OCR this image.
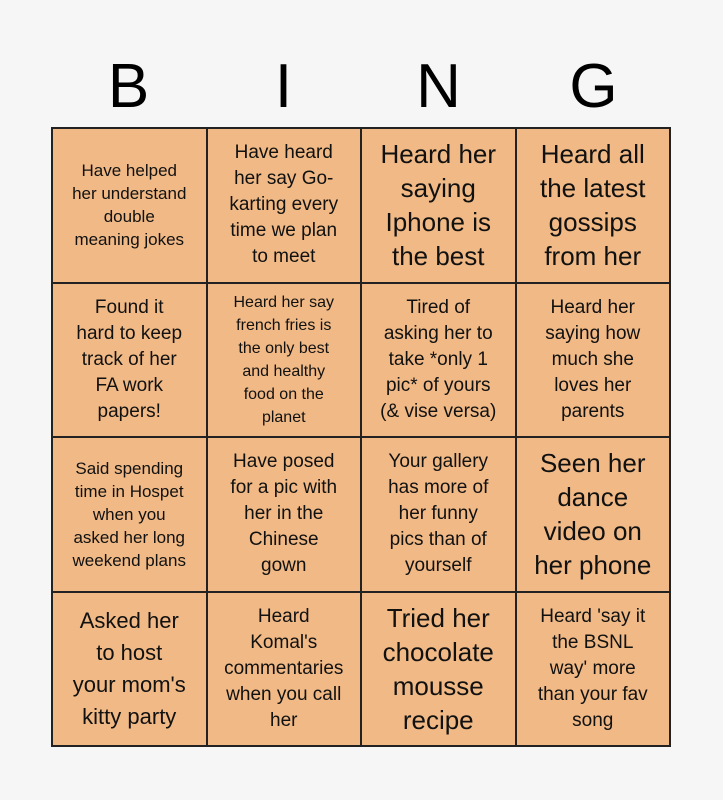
B	I	N	G
Have helped
her understand
double
meaning jokes
Have heard
her say Go-
karting every
time we plan
to meet
Heard her
saying
Iphone is
the best
Heard all
the latest
gossips
from her
Found it
hard to keep
track of her
FA work
papers!
Heard her say
french fries is
the only best
and healthy
food on the
planet
Tired of
asking her to
take *only 1
pic* of yours
(& vise versa)
Heard her
saying how
much she
loves her
parents
Said spending
time in Hospet
when you
asked her long
weekend plans
Have posed
for a pic with
her in the
Chinese
gown
Your gallery
has more of
her funny
pics than of
yourself
Seen her
dance
video on
her phone
Asked her
to host
your mom's
kitty party
Heard
Komal's
commentaries
when you call
her
Tried her
chocolate
mousse
recipe
Heard 'say it
the BSNL
way' more
than your fav
song
